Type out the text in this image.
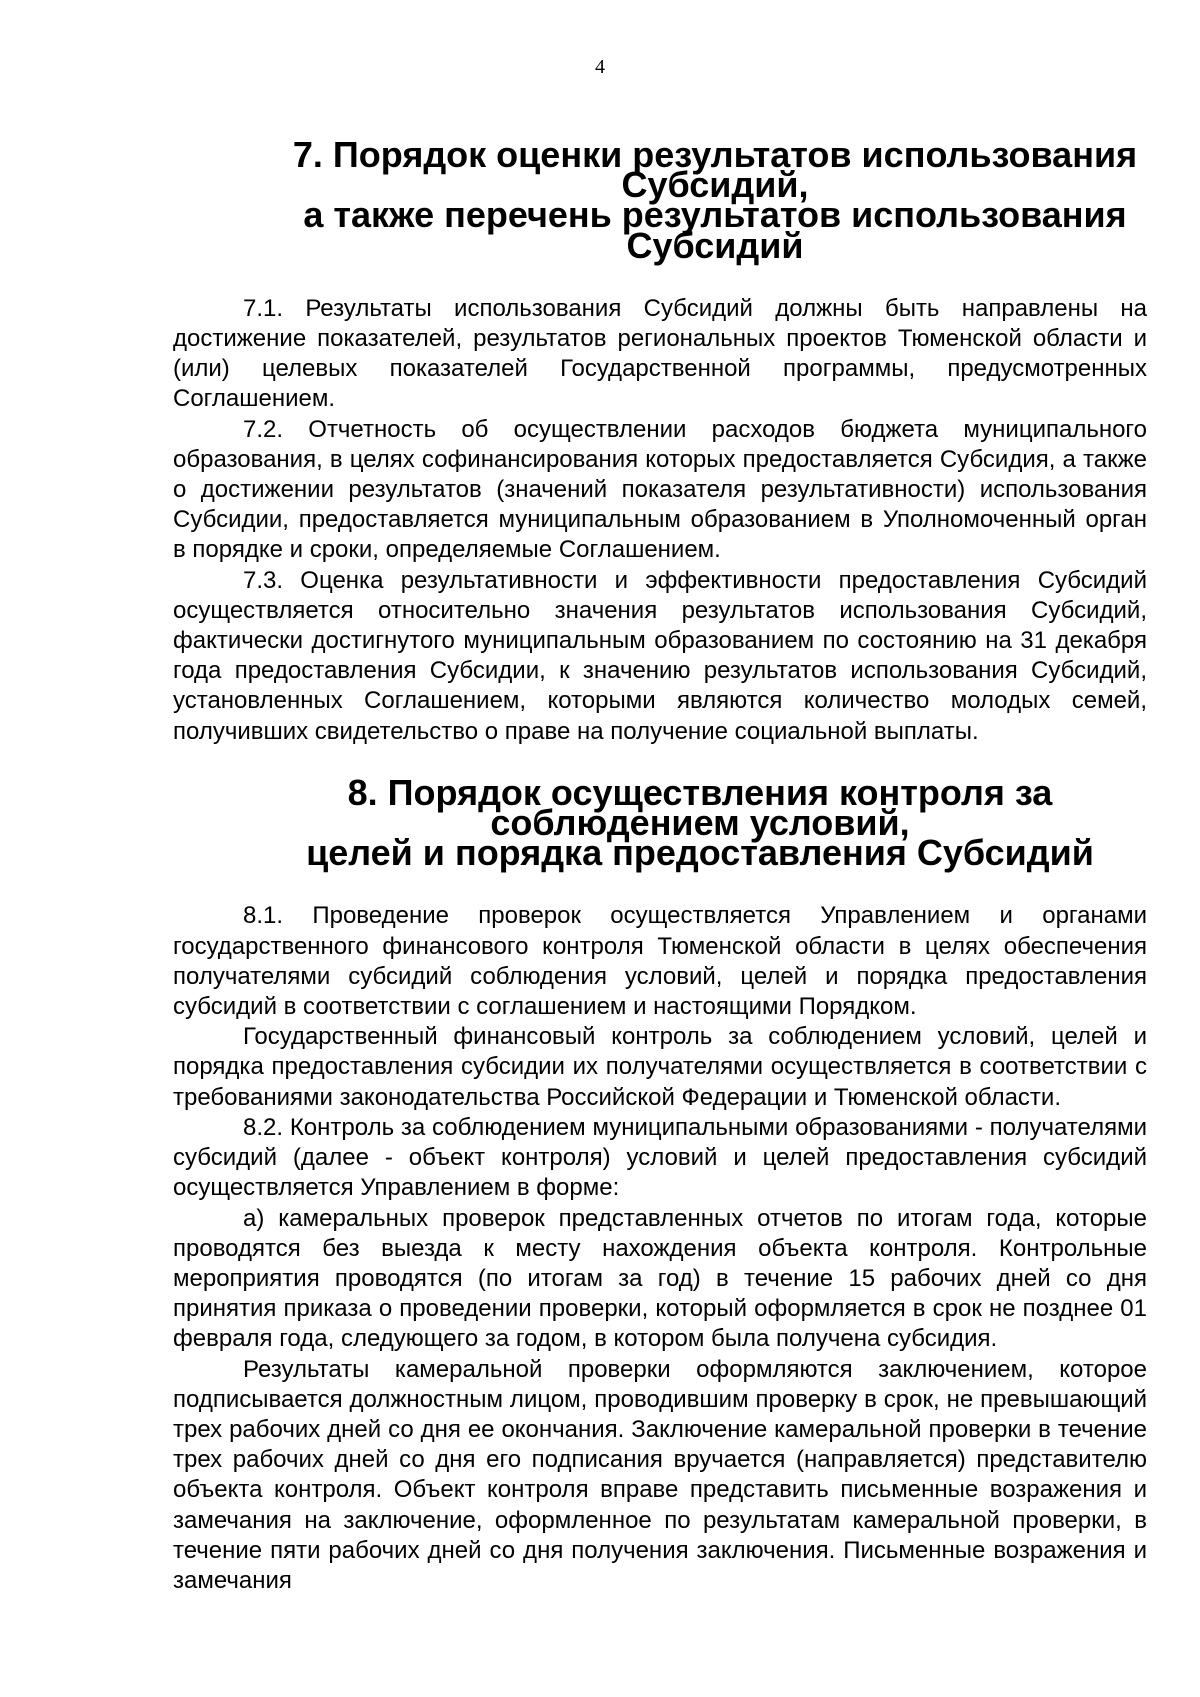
4
7. Порядок оценки результатов использования Субсидий,
а также перечень результатов использования Субсидий

7.1. Результаты использования Субсидий должны быть направлены на достижение показателей, результатов региональных проектов Тюменской области и (или) целевых показателей Государственной программы, предусмотренных Соглашением.

7.2. Отчетность об осуществлении расходов бюджета муниципального образования, в целях софинансирования которых предоставляется Субсидия, а также о достижении результатов (значений показателя результативности) использования Субсидии, предоставляется муниципальным образованием в Уполномоченный орган в порядке и сроки, определяемые Соглашением.

7.3. Оценка результативности и эффективности предоставления Субсидий осуществляется относительно значения результатов использования Субсидий, фактически достигнутого муниципальным образованием по состоянию на 31 декабря года предоставления Субсидии, к значению результатов использования Субсидий, установленных Соглашением, которыми являются количество молодых семей, получивших свидетельство о праве на получение социальной выплаты.

8. Порядок осуществления контроля за соблюдением условий,
целей и порядка предоставления Субсидий

8.1. Проведение проверок осуществляется Управлением и органами государственного финансового контроля Тюменской области в целях обеспечения получателями субсидий соблюдения условий, целей и порядка предоставления субсидий в соответствии с соглашением и настоящими Порядком.

Государственный финансовый контроль за соблюдением условий, целей и порядка предоставления субсидии их получателями осуществляется в соответствии с требованиями законодательства Российской Федерации и Тюменской области.

8.2. Контроль за соблюдением муниципальными образованиями - получателями субсидий (далее - объект контроля) условий и целей предоставления субсидий осуществляется Управлением в форме:

а) камеральных проверок представленных отчетов по итогам года, которые проводятся без выезда к месту нахождения объекта контроля. Контрольные мероприятия проводятся (по итогам за год) в течение 15 рабочих дней со дня принятия приказа о проведении проверки, который оформляется в срок не позднее 01 февраля года, следующего за годом, в котором была получена субсидия.

Результаты камеральной проверки оформляются заключением, которое подписывается должностным лицом, проводившим проверку в срок, не превышающий трех рабочих дней со дня ее окончания. Заключение камеральной проверки в течение трех рабочих дней со дня его подписания вручается (направляется) представителю объекта контроля. Объект контроля вправе представить письменные возражения и замечания на заключение, оформленное по результатам камеральной проверки, в течение пяти рабочих дней со дня получения заключения. Письменные возражения и замечания
